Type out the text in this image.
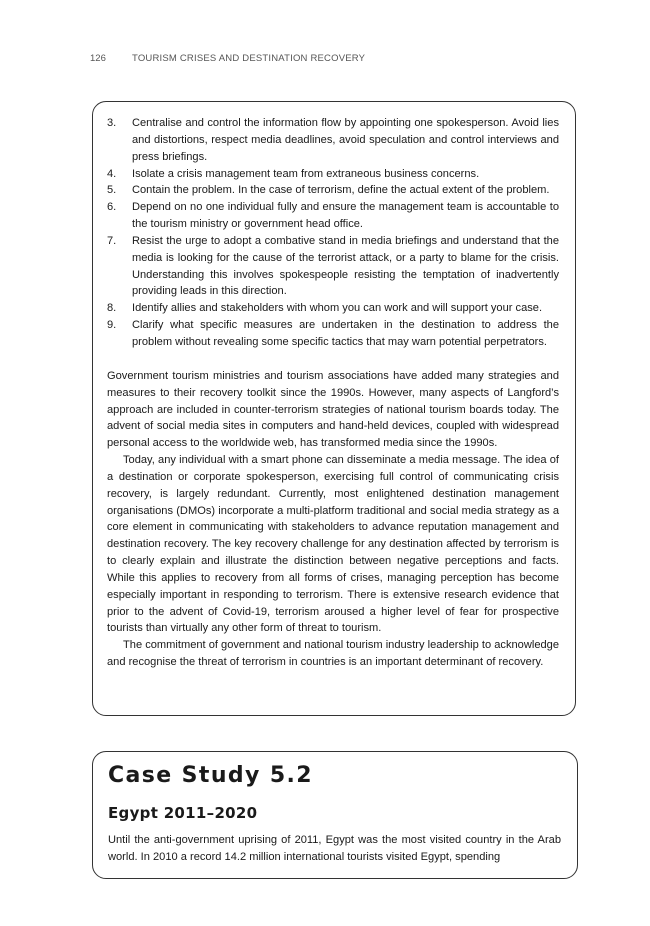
126	TOURISM CRISES AND DESTINATION RECOVERY
3. Centralise and control the information flow by appointing one spokesperson. Avoid lies and distortions, respect media deadlines, avoid speculation and control interviews and press briefings.
4. Isolate a crisis management team from extraneous business concerns.
5. Contain the problem. In the case of terrorism, define the actual extent of the problem.
6. Depend on no one individual fully and ensure the management team is accountable to the tourism ministry or government head office.
7. Resist the urge to adopt a combative stand in media briefings and understand that the media is looking for the cause of the terrorist attack, or a party to blame for the crisis. Understanding this involves spokespeople resisting the temptation of inadvertently providing leads in this direction.
8. Identify allies and stakeholders with whom you can work and will support your case.
9. Clarify what specific measures are undertaken in the destination to address the problem without revealing some specific tactics that may warn potential perpetrators.

Government tourism ministries and tourism associations have added many strategies and measures to their recovery toolkit since the 1990s. However, many aspects of Langford’s approach are included in counter-terrorism strategies of national tourism boards today. The advent of social media sites in computers and hand-held devices, coupled with widespread personal access to the worldwide web, has transformed media since the 1990s.

Today, any individual with a smart phone can disseminate a media message. The idea of a destination or corporate spokesperson, exercising full control of communicating crisis recovery, is largely redundant. Currently, most enlightened destination management organisations (DMOs) incorporate a multi-platform traditional and social media strategy as a core element in communicating with stakeholders to advance reputation management and destination recovery. The key recovery challenge for any destination affected by terrorism is to clearly explain and illustrate the distinction between negative perceptions and facts. While this applies to recovery from all forms of crises, managing perception has become especially important in responding to terrorism. There is extensive research evidence that prior to the advent of Covid-19, terrorism aroused a higher level of fear for prospective tourists than virtually any other form of threat to tourism.

The commitment of government and national tourism industry leadership to acknowledge and recognise the threat of terrorism in countries is an important determinant of recovery.

Case Study 5.2
Egypt 2011–2020

Until the anti-government uprising of 2011, Egypt was the most visited country in the Arab world. In 2010 a record 14.2 million international tourists visited Egypt, spending
